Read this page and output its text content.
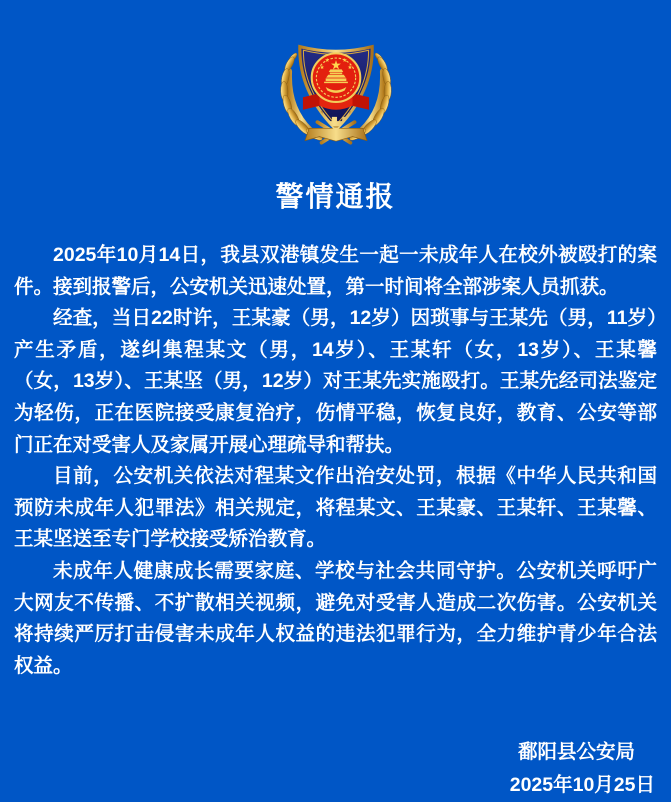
警情通报

2025年10月14日，我县双港镇发生一起一未成年人在校外被殴打的案件。接到报警后，公安机关迅速处置，第一时间将全部涉案人员抓获。

经查，当日22时许，王某豪（男，12岁）因琐事与王某先（男，11岁）产生矛盾，遂纠集程某文（男，14岁）、王某轩（女，13岁）、王某馨（女，13岁）、王某坚（男，12岁）对王某先实施殴打。王某先经司法鉴定为轻伤，正在医院接受康复治疗，伤情平稳，恢复良好，教育、公安等部门正在对受害人及家属开展心理疏导和帮扶。

目前，公安机关依法对程某文作出治安处罚，根据《中华人民共和国预防未成年人犯罪法》相关规定，将程某文、王某豪、王某轩、王某馨、王某坚送至专门学校接受矫治教育。

未成年人健康成长需要家庭、学校与社会共同守护。公安机关呼吁广大网友不传播、不扩散相关视频，避免对受害人造成二次伤害。公安机关将持续严厉打击侵害未成年人权益的违法犯罪行为，全力维护青少年合法权益。

鄱阳县公安局
2025年10月25日
